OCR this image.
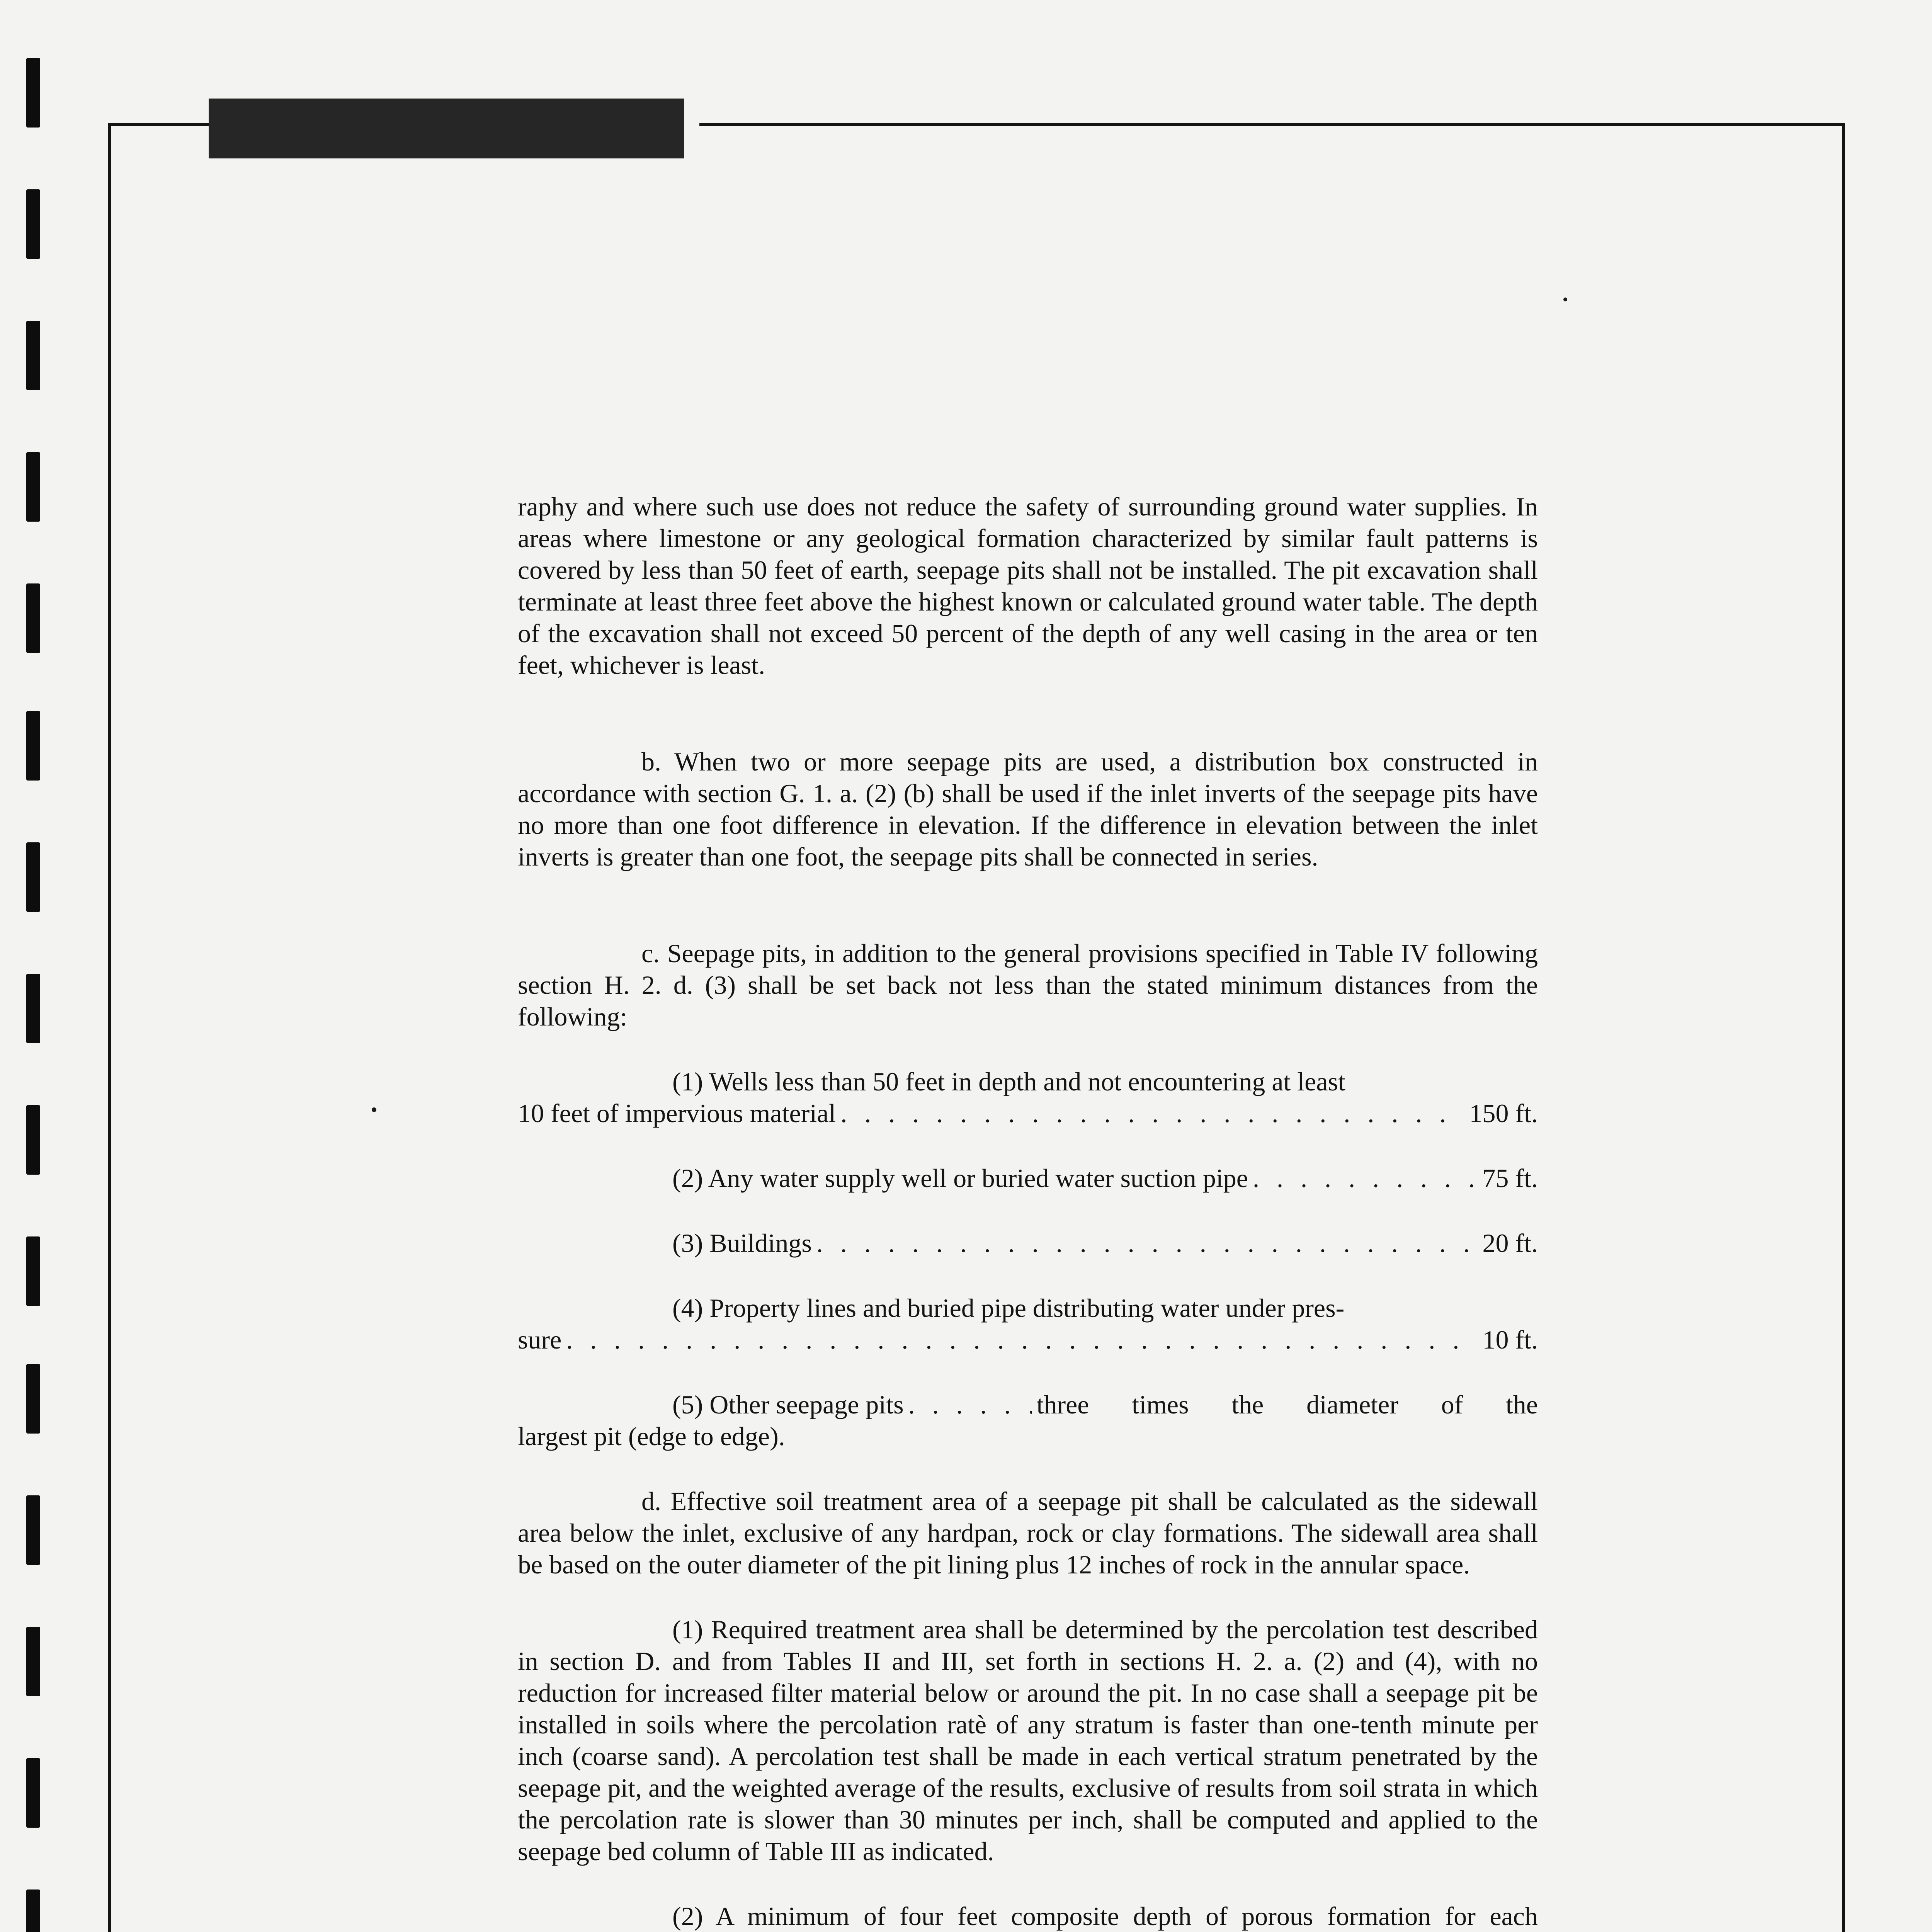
raphy and where such use does not reduce the safety of surrounding ground water supplies. In areas where limestone or any geological formation characterized by similar fault patterns is covered by less than 50 feet of earth, seepage pits shall not be installed. The pit excavation shall terminate at least three feet above the highest known or calculated ground water table. The depth of the excavation shall not exceed 50 percent of the depth of any well casing in the area or ten feet, whichever is least.

b. When two or more seepage pits are used, a distribution box constructed in accordance with section G. 1. a. (2) (b) shall be used if the inlet inverts of the seepage pits have no more than one foot difference in elevation. If the difference in elevation between the inlet inverts is greater than one foot, the seepage pits shall be connected in series.

c. Seepage pits, in addition to the general provisions specified in Table IV following section H. 2. d. (3) shall be set back not less than the stated minimum distances from the following:

(1) Wells less than 50 feet in depth and not encountering at least

10 feet of impervious material . . .	150 ft.
(2) Any water supply well or buried water suction pipe . . .	75 ft.
(3) Buildings . . .	20 ft.

(4) Property lines and buried pipe distributing water under pres-

sure . . .	10 ft.
(5) Other seepage pits . . .	three times the diameter of the

largest pit (edge to edge).

d. Effective soil treatment area of a seepage pit shall be calculated as the sidewall area below the inlet, exclusive of any hardpan, rock or clay formations. The sidewall area shall be based on the outer diameter of the pit lining plus 12 inches of rock in the annular space.

(1) Required treatment area shall be determined by the percolation test described in section D. and from Tables II and III, set forth in sections H. 2. a. (2) and (4), with no reduction for increased filter material below or around the pit. In no case shall a seepage pit be installed in soils where the percolation ratè of any stratum is faster than one-tenth minute per inch (coarse sand). A percolation test shall be made in each vertical stratum penetrated by the seepage pit, and the weighted average of the results, exclusive of results from soil strata in which the percolation rate is slower than 30 minutes per inch, shall be computed and applied to the seepage bed column of Table III as indicated.

(2) A minimum of four feet composite depth of porous formation for each
